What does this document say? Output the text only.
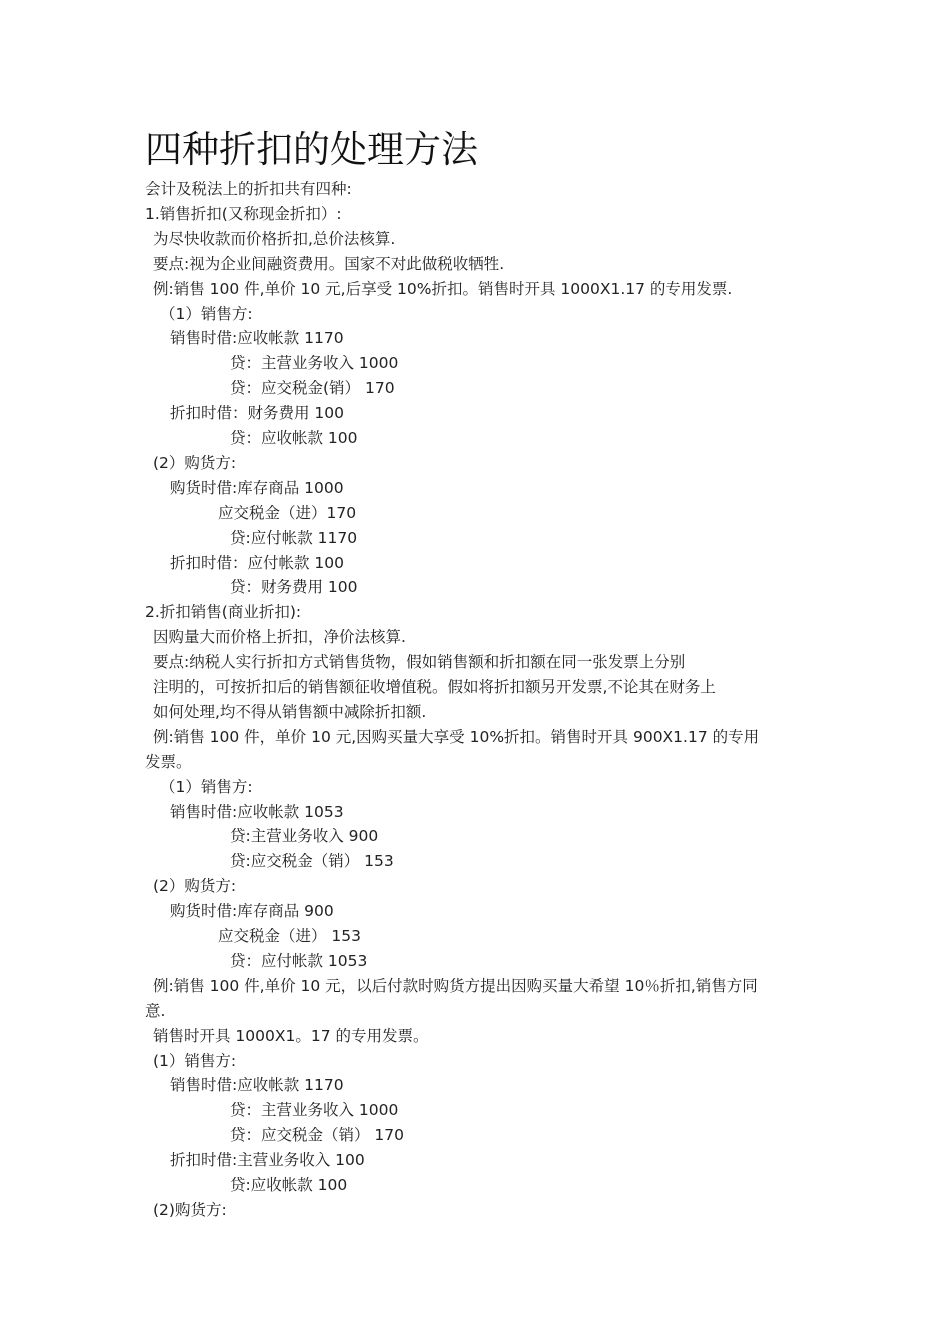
四种折扣的处理方法
会计及税法上的折扣共有四种:
1.销售折扣(又称现金折扣）:
为尽快收款而价格折扣,总价法核算.
要点:视为企业间融资费用。国家不对此做税收牺牲.
例:销售 100 件,单价 10 元,后享受 10%折扣。销售时开具 1000X1.17 的专用发票.
（1）销售方:
销售时借:应收帐款 1170
贷：主营业务收入 1000
贷：应交税金(销） 170
折扣时借：财务费用 100
贷：应收帐款 100
(2）购货方:
购货时借:库存商品 1000
应交税金（进）170
贷:应付帐款 1170
折扣时借：应付帐款 100
贷：财务费用 100
2.折扣销售(商业折扣):
因购量大而价格上折扣，净价法核算.
要点:纳税人实行折扣方式销售货物，假如销售额和折扣额在同一张发票上分别
注明的，可按折扣后的销售额征收增值税。假如将折扣额另开发票,不论其在财务上
如何处理,均不得从销售额中减除折扣额.
例:销售 100 件，单价 10 元,因购买量大享受 10%折扣。销售时开具 900X1.17 的专用
发票。
（1）销售方:
销售时借:应收帐款 1053
贷:主营业务收入 900
贷:应交税金（销） 153
(2）购货方:
购货时借:库存商品 900
应交税金（进） 153
贷：应付帐款 1053
例:销售 100 件,单价 10 元，以后付款时购货方提出因购买量大希望 10％折扣,销售方同
意.
销售时开具 1000X1。17 的专用发票。
(1）销售方:
销售时借:应收帐款 1170
贷：主营业务收入 1000
贷：应交税金（销） 170
折扣时借:主营业务收入 100
贷:应收帐款 100
(2)购货方:
